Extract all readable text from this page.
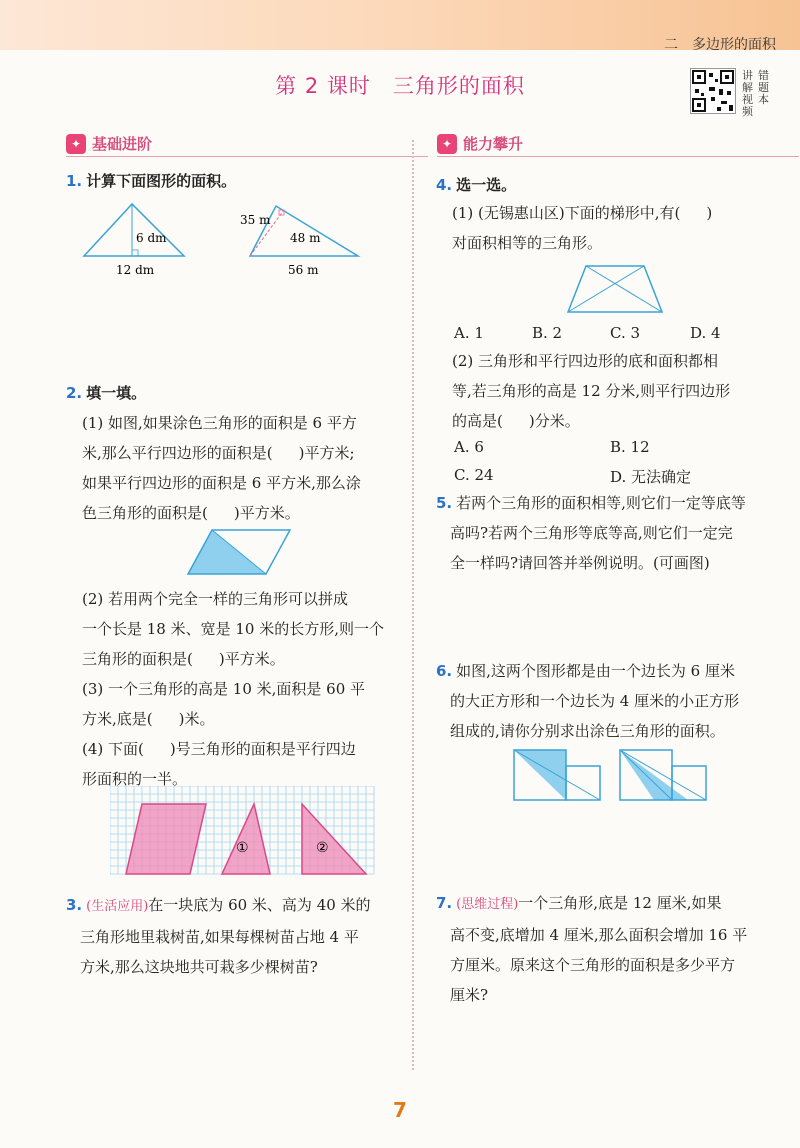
二　多边形的面积
第 2 课时　三角形的面积	讲解视频
错题本
✦ 基础进阶	✦ 能力攀升
1. 计算下面图形的面积。
6 dm
12 dm
35 m
48 m
56 m
2. 填一填。
(1) 如图,如果涂色三角形的面积是 6 平方
米,那么平行四边形的面积是( )平方米;
如果平行四边形的面积是 6 平方米,那么涂
色三角形的面积是( )平方米。
(2) 若用两个完全一样的三角形可以拼成
一个长是 18 米、宽是 10 米的长方形,则一个
三角形的面积是( )平方米。
(3) 一个三角形的高是 10 米,面积是 60 平
方米,底是( )米。
(4) 下面( )号三角形的面积是平行四边
形面积的一半。
①	②
3. (生活应用)在一块底为 60 米、高为 40 米的
三角形地里栽树苗,如果每棵树苗占地 4 平
方米,那么这块地共可栽多少棵树苗?
4. 选一选。
(1) (无锡惠山区)下面的梯形中,有( )
对面积相等的三角形。
A. 1	B. 2	C. 3	D. 4
(2) 三角形和平行四边形的底和面积都相
等,若三角形的高是 12 分米,则平行四边形
的高是( )分米。
A. 6	B. 12
C. 24	D. 无法确定
5. 若两个三角形的面积相等,则它们一定等底等
高吗?若两个三角形等底等高,则它们一定完
全一样吗?请回答并举例说明。(可画图)
6. 如图,这两个图形都是由一个边长为 6 厘米
的大正方形和一个边长为 4 厘米的小正方形
组成的,请你分别求出涂色三角形的面积。
7. (思维过程)一个三角形,底是 12 厘米,如果
高不变,底增加 4 厘米,那么面积会增加 16 平
方厘米。原来这个三角形的面积是多少平方
厘米?
7
